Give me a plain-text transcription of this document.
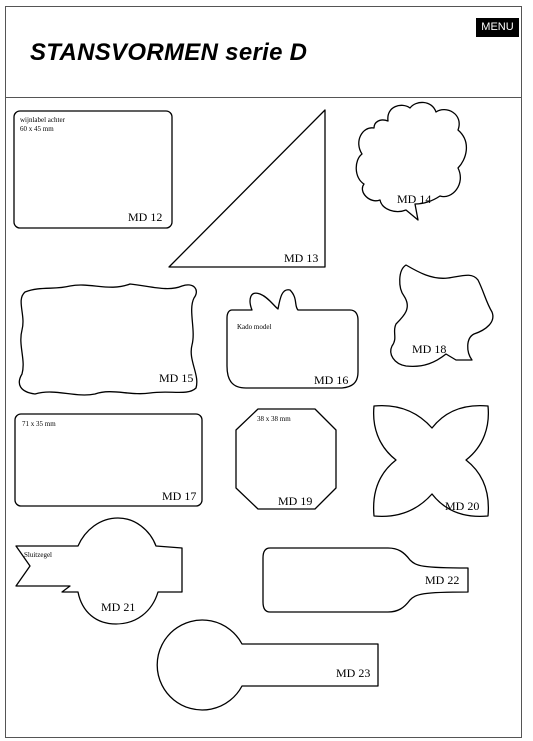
STANSVORMEN serie D
MENU
wijnlabel achter
60 x 45 mm
MD 12
MD 13
MD 14
MD 15
Kado model
MD 16
71 x 35 mm
MD 17
MD 18
38 x 38 mm
MD 19	MD 20
Sluitzegel
MD 21
MD 22
MD 23
